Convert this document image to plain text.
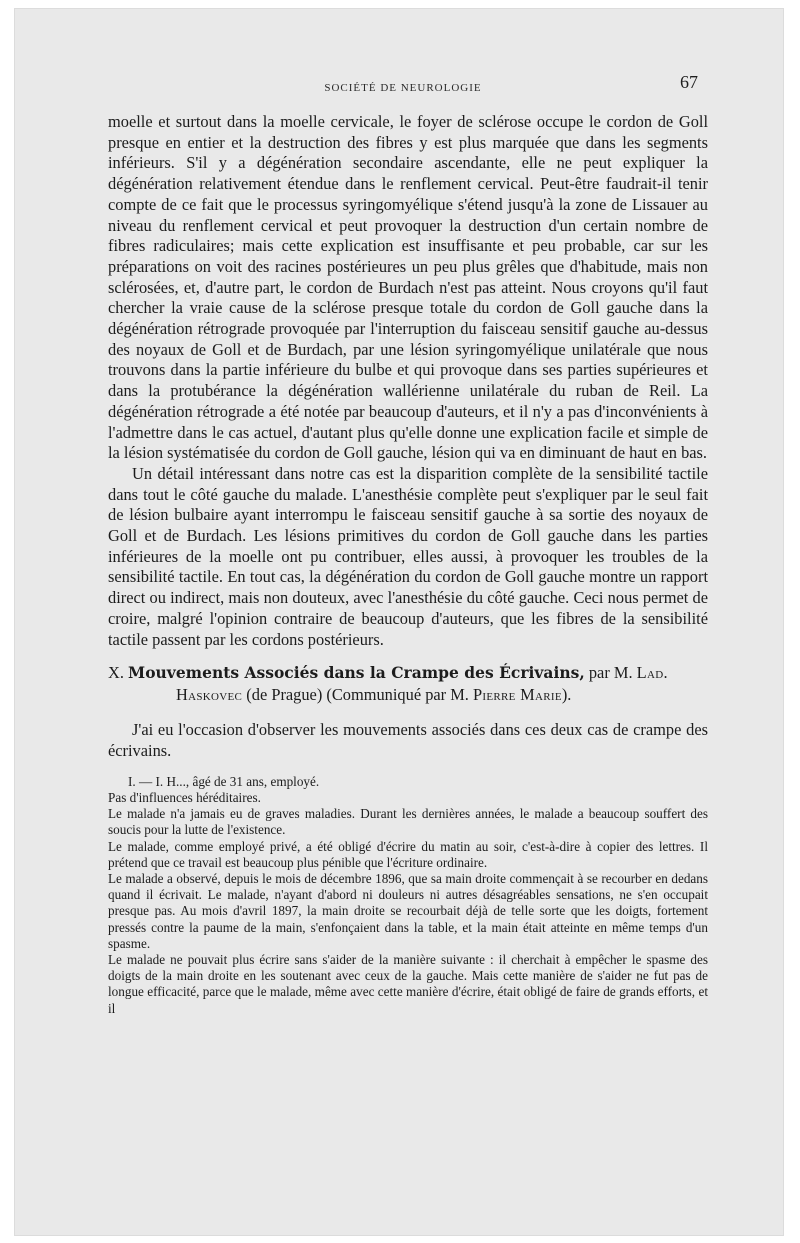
SOCIÉTÉ DE NEUROLOGIE	67

moelle et surtout dans la moelle cervicale, le foyer de sclérose occupe le cordon de Goll presque en entier et la destruction des fibres y est plus marquée que dans les segments inférieurs. S'il y a dégénération secondaire ascendante, elle ne peut expliquer la dégénération relativement étendue dans le renflement cervical. Peut-être faudrait-il tenir compte de ce fait que le processus syringomyélique s'étend jusqu'à la zone de Lissauer au niveau du renflement cervical et peut provoquer la destruction d'un certain nombre de fibres radiculaires; mais cette explication est insuffisante et peu probable, car sur les préparations on voit des racines postérieures un peu plus grêles que d'habitude, mais non sclérosées, et, d'autre part, le cordon de Burdach n'est pas atteint. Nous croyons qu'il faut chercher la vraie cause de la sclérose presque totale du cordon de Goll gauche dans la dégénération rétrograde provoquée par l'interruption du faisceau sensitif gauche au-dessus des noyaux de Goll et de Burdach, par une lésion syringomyélique unilatérale que nous trouvons dans la partie inférieure du bulbe et qui provoque dans ses parties supérieures et dans la protubérance la dégénération wallérienne unilatérale du ruban de Reil. La dégénération rétrograde a été notée par beaucoup d'auteurs, et il n'y a pas d'inconvénients à l'admettre dans le cas actuel, d'autant plus qu'elle donne une explication facile et simple de la lésion systématisée du cordon de Goll gauche, lésion qui va en diminuant de haut en bas.

Un détail intéressant dans notre cas est la disparition complète de la sensibilité tactile dans tout le côté gauche du malade. L'anesthésie complète peut s'expliquer par le seul fait de lésion bulbaire ayant interrompu le faisceau sensitif gauche à sa sortie des noyaux de Goll et de Burdach. Les lésions primitives du cordon de Goll gauche dans les parties inférieures de la moelle ont pu contribuer, elles aussi, à provoquer les troubles de la sensibilité tactile. En tout cas, la dégénération du cordon de Goll gauche montre un rapport direct ou indirect, mais non douteux, avec l'anesthésie du côté gauche. Ceci nous permet de croire, malgré l'opinion contraire de beaucoup d'auteurs, que les fibres de la sensibilité tactile passent par les cordons postérieurs.

X. Mouvements Associés dans la Crampe des Écrivains, par M. Lad.
Haskovec (de Prague) (Communiqué par M. Pierre Marie).

J'ai eu l'occasion d'observer les mouvements associés dans ces deux cas de crampe des écrivains.

I. — I. H..., âgé de 31 ans, employé.

Pas d'influences héréditaires.

Le malade n'a jamais eu de graves maladies. Durant les dernières années, le malade a beaucoup souffert des soucis pour la lutte de l'existence.

Le malade, comme employé privé, a été obligé d'écrire du matin au soir, c'est-à-dire à copier des lettres. Il prétend que ce travail est beaucoup plus pénible que l'écriture ordinaire.

Le malade a observé, depuis le mois de décembre 1896, que sa main droite commençait à se recourber en dedans quand il écrivait. Le malade, n'ayant d'abord ni douleurs ni autres désagréables sensations, ne s'en occupait presque pas. Au mois d'avril 1897, la main droite se recourbait déjà de telle sorte que les doigts, fortement pressés contre la paume de la main, s'enfonçaient dans la table, et la main était atteinte en même temps d'un spasme.

Le malade ne pouvait plus écrire sans s'aider de la manière suivante : il cherchait à empêcher le spasme des doigts de la main droite en les soutenant avec ceux de la gauche. Mais cette manière de s'aider ne fut pas de longue efficacité, parce que le malade, même avec cette manière d'écrire, était obligé de faire de grands efforts, et il
